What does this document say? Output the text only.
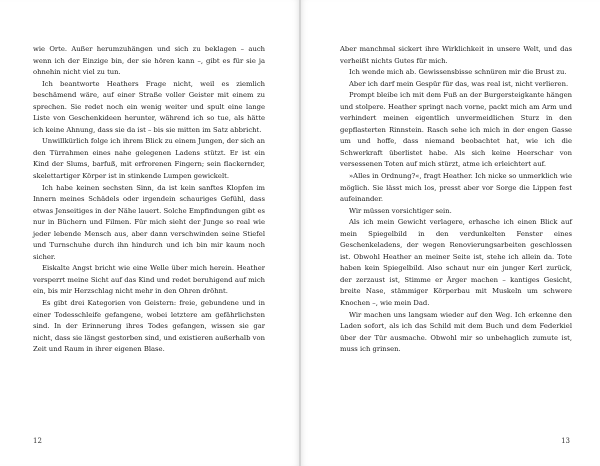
wie Orte. Außer herumzuhängen und sich zu beklagen – auch wenn ich der Einzige bin, der sie hören kann –, gibt es für sie ja ohnehin nicht viel zu tun.

Ich beantworte Heathers Frage nicht, weil es ziemlich beschämend wäre, auf einer Straße voller Geister mit einem zu sprechen. Sie redet noch ein wenig weiter und spult eine lange Liste von Geschenkideen herunter, während ich so tue, als hätte ich keine Ahnung, dass sie da ist – bis sie mitten im Satz abbricht.

Unwillkürlich folge ich ihrem Blick zu einem Jungen, der sich an den Türrahmen eines nahe gelegenen Ladens stützt. Er ist ein Kind der Slums, barfuß, mit erfrorenen Fingern; sein flackernder, skelettartiger Körper ist in stinkende Lumpen gewickelt.

Ich habe keinen sechsten Sinn, da ist kein sanftes Klopfen im Innern meines Schädels oder irgendein schauriges Gefühl, dass etwas Jenseitiges in der Nähe lauert. Solche Empfindungen gibt es nur in Büchern und Filmen. Für mich sieht der Junge so real wie jeder lebende Mensch aus, aber dann verschwinden seine Stiefel und Turnschuhe durch ihn hindurch und ich bin mir kaum noch sicher.

Eiskalte Angst bricht wie eine Welle über mich herein. Heather versperrt meine Sicht auf das Kind und redet beruhigend auf mich ein, bis mir Herzschlag nicht mehr in den Ohren dröhnt.

Es gibt drei Kategorien von Geistern: freie, gebundene und in einer Todesschleife gefangene, wobei letztere am gefährlichsten sind. In der Erinnerung ihres Todes gefangen, wissen sie gar nicht, dass sie längst gestorben sind, und existieren außerhalb von Zeit und Raum in ihrer eigenen Blase.

12

Aber manchmal sickert ihre Wirklichkeit in unsere Welt, und das verheißt nichts Gutes für mich.

Ich wende mich ab. Gewissensbisse schnüren mir die Brust zu.

Aber ich darf mein Gespür für das, was real ist, nicht verlieren.

Prompt bleibe ich mit dem Fuß an der Burgersteigkante hängen und stolpere. Heather springt nach vorne, packt mich am Arm und verhindert meinen eigentlich unvermeidlichen Sturz in den gepflasterten Rinnstein. Rasch sehe ich mich in der engen Gasse um und hoffe, dass niemand beobachtet hat, wie ich die Schwerkraft überlistet habe. Als sich keine Heerschar von versessenen Toten auf mich stürzt, atme ich erleichtert auf.

»Alles in Ordnung?«, fragt Heather. Ich nicke so unmerklich wie möglich. Sie lässt mich los, presst aber vor Sorge die Lippen fest aufeinander.

Wir müssen vorsichtiger sein.

Als ich mein Gewicht verlagere, erhasche ich einen Blick auf mein Spiegelbild in den verdunkelten Fenster eines Geschenkeladens, der wegen Renovierungsarbeiten geschlossen ist. Obwohl Heather an meiner Seite ist, stehe ich allein da. Tote haben kein Spiegelbild. Also schaut nur ein junger Kerl zurück, der zerzaust ist, Stimme er Ärger machen – kantiges Gesicht, breite Nase, stämmiger Körperbau mit Muskeln um schwere Knochen –, wie mein Dad.

Wir machen uns langsam wieder auf den Weg. Ich erkenne den Laden sofort, als ich das Schild mit dem Buch und dem Federkiel über der Tür ausmache. Obwohl mir so unbehaglich zumute ist, muss ich grinsen.

13
